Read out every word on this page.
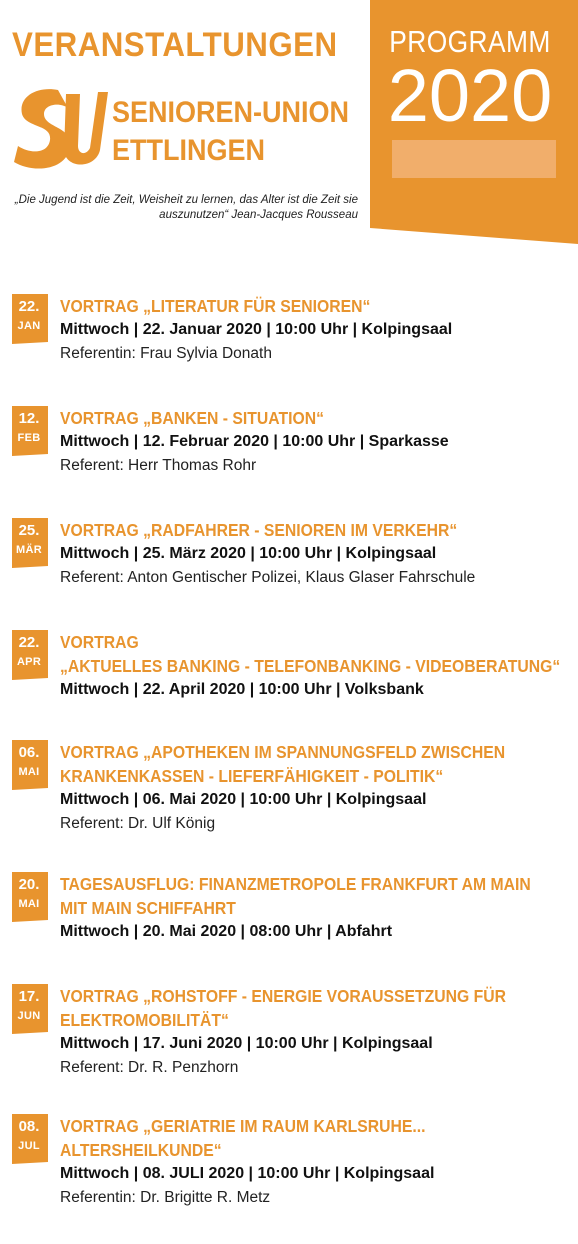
VERANSTALTUNGEN
SENIOREN-UNION
ETTLINGEN
„Die Jugend ist die Zeit, Weisheit zu lernen, das Alter ist die Zeit sie auszunutzen“ Jean-Jacques Rousseau
PROGRAMM
2020
22.
JAN
VORTRAG „LITERATUR FÜR SENIOREN“
Mittwoch | 22. Januar 2020 | 10:00 Uhr | Kolpingsaal
Referentin: Frau Sylvia Donath
12.
FEB
VORTRAG „BANKEN - SITUATION“
Mittwoch | 12. Februar 2020 | 10:00 Uhr | Sparkasse
Referent: Herr Thomas Rohr
25.
MÄR
VORTRAG „RADFAHRER - SENIOREN IM VERKEHR“
Mittwoch | 25. März 2020 | 10:00 Uhr | Kolpingsaal
Referent: Anton Gentischer Polizei, Klaus Glaser Fahrschule
22.
APR
VORTRAG
„AKTUELLES BANKING - TELEFONBANKING - VIDEOBERATUNG“
Mittwoch | 22. April 2020 | 10:00 Uhr | Volksbank
06.
MAI
VORTRAG „APOTHEKEN IM SPANNUNGSFELD ZWISCHEN
KRANKENKASSEN - LIEFERFÄHIGKEIT - POLITIK“
Mittwoch | 06. Mai 2020 | 10:00 Uhr | Kolpingsaal
Referent: Dr. Ulf König
20.
MAI
TAGESAUSFLUG: FINANZMETROPOLE FRANKFURT AM MAIN
MIT MAIN SCHIFFAHRT
Mittwoch | 20. Mai 2020 | 08:00 Uhr | Abfahrt
17.
JUN
VORTRAG „ROHSTOFF - ENERGIE VORAUSSETZUNG FÜR
ELEKTROMOBILITÄT“
Mittwoch | 17. Juni 2020 | 10:00 Uhr | Kolpingsaal
Referent: Dr. R. Penzhorn
08.
JUL
VORTRAG „GERIATRIE IM RAUM KARLSRUHE...
ALTERSHEILKUNDE“
Mittwoch | 08. JULI 2020 | 10:00 Uhr | Kolpingsaal
Referentin: Dr. Brigitte R. Metz
